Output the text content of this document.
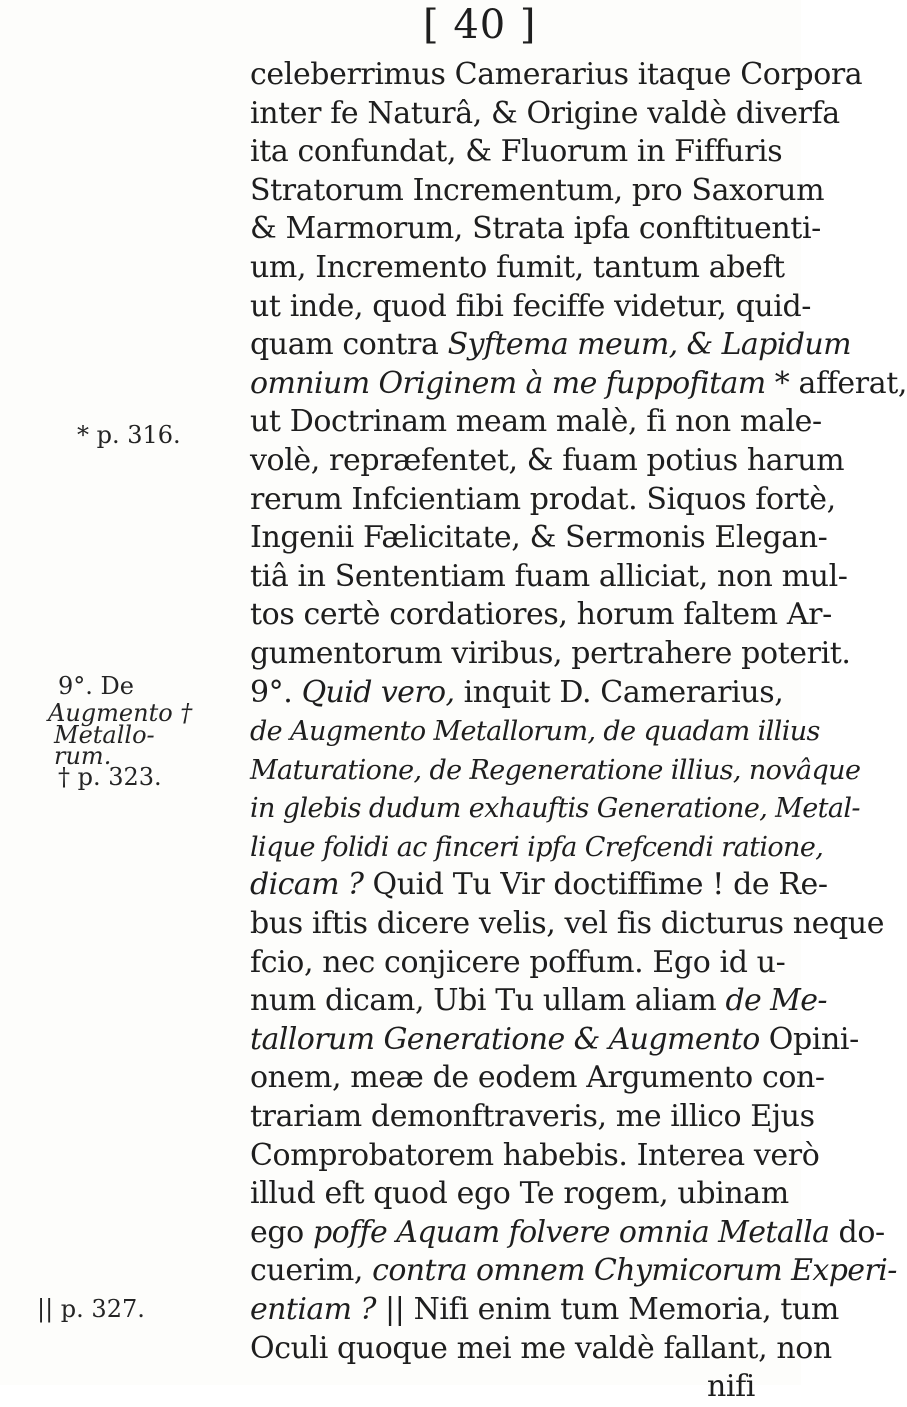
[ 40 ]
celeberrimus Camerarius itaque Corpora
inter fe Naturâ, & Origine valdè diverfa
ita confundat, & Fluorum in Fiffuris
Stratorum Incrementum, pro Saxorum
& Marmorum, Strata ipfa conftituenti-
um, Incremento fumit, tantum abeft
ut inde, quod fibi feciffe videtur, quid-
quam contra Syftema meum, & Lapidum
omnium Originem à me fuppofitam * afferat,
ut Doctrinam meam malè, fi non male-
volè, repræfentet, & fuam potius harum
rerum Infcientiam prodat. Siquos fortè,
Ingenii Fælicitate, & Sermonis Elegan-
tiâ in Sententiam fuam alliciat, non mul-
tos certè cordatiores, horum faltem Ar-
gumentorum viribus, pertrahere poterit.
9°. Quid vero, inquit D. Camerarius,
de Augmento Metallorum, de quadam illius
Maturatione, de Regeneratione illius, novâque
in glebis dudum exhauftis Generatione, Metal-
lique folidi ac finceri ipfa Crefcendi ratione,
dicam ? Quid Tu Vir doctiffime ! de Re-
bus iftis dicere velis, vel fis dicturus neque
fcio, nec conjicere poffum. Ego id u-
num dicam, Ubi Tu ullam aliam de Me-
tallorum Generatione & Augmento Opini-
onem, meæ de eodem Argumento con-
trariam demonftraveris, me illico Ejus
Comprobatorem habebis. Interea verò
illud eft quod ego Te rogem, ubinam
ego poffe Aquam folvere omnia Metalla do-
cuerim, contra omnem Chymicorum Experi-
entiam ? || Nifi enim tum Memoria, tum
Oculi quoque mei me valdè fallant, non
nifi
* p. 316.
9°. De
Augmento †
Metallo-
rum.
† p. 323.
|| p. 327.
